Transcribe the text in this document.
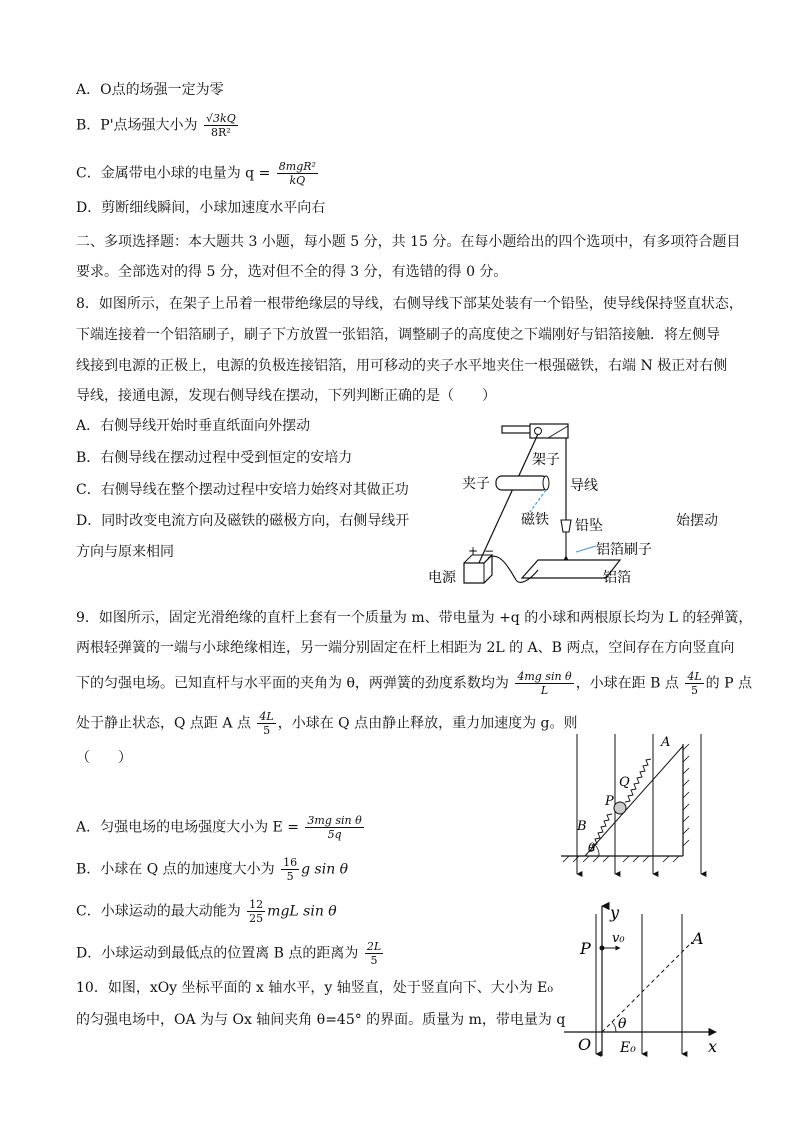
A．O点的场强一定为零
B．P'点场强大小为 $\frac{√3kQ}{\text{8R²}}$
C．金属带电小球的电量为 $q = \frac{\text{8mgR²}}{kQ}$
D．剪断细线瞬间，小球加速度水平向右
二、多项选择题：本大题共 3 小题，每小题 5 分，共 15 分。在每小题给出的四个选项中，有多项符合题目
要求。全部选对的得 5 分，选对但不全的得 3 分，有选错的得 0 分。
8．如图所示，在架子上吊着一根带绝缘层的导线，右侧导线下部某处装有一个铅坠，使导线保持竖直状态，
下端连接着一个铝箔刷子，刷子下方放置一张铝箔，调整刷子的高度使之下端刚好与铝箔接触．将左侧导
线接到电源的正极上，电源的负极连接铝箔，用可移动的夹子水平地夹住一根强磁铁，右端 N 极正对右侧
导线，接通电源，发现右侧导线在摆动，下列判断正确的是（　　）
A．右侧导线开始时垂直纸面向外摆动
B．右侧导线在摆动过程中受到恒定的安培力
C．右侧导线在整个摆动过程中安培力始终对其做正功
D．同时改变电流方向及磁铁的磁极方向，右侧导线开	始摆动
方向与原来相同	+ −
架子
夹子	导线
磁铁 铅坠
铝箔刷子
电源	铝箔
9．如图所示，固定光滑绝缘的直杆上套有一个质量为 m、带电量为 +q 的小球和两根原长均为 L 的轻弹簧，
两根轻弹簧的一端与小球绝缘相连，另一端分别固定在杆上相距为 2L 的 A、B 两点，空间存在方向竖直向
下的匀强电场。已知直杆与水平面的夹角为 θ，两弹簧的劲度系数均为 $\frac{\text{4mg sin θ}}{L}$ ，小球在距 B 点 $\frac{4L}{5}$ 的 P 点
处于静止状态，Q 点距 A 点 $\frac{4L}{5}$ ，小球在 Q 点由静止释放，重力加速度为 g。则
（　　）
A．匀强电场的电场强度大小为 $E = \frac{\text{3mg sin θ}}{5q}$
B．小球在 Q 点的加速度大小为 $\frac{16}{5}$ g sin θ
C．小球运动的最大动能为 $\frac{12}{25}$ mgL sin θ
D．小球运动到最低点的位置离 B 点的距离为 $\frac{2L}{5}$
θ
B
P
Q
A
10．如图，xOy 坐标平面的 x 轴水平，y 轴竖直，处于竖直向下、大小为 E₀
的匀强电场中，OA 为与 Ox 轴间夹角 θ=45° 的界面。质量为 m，带电量为 q
y
x
O
P
v₀	A
θ
E₀
